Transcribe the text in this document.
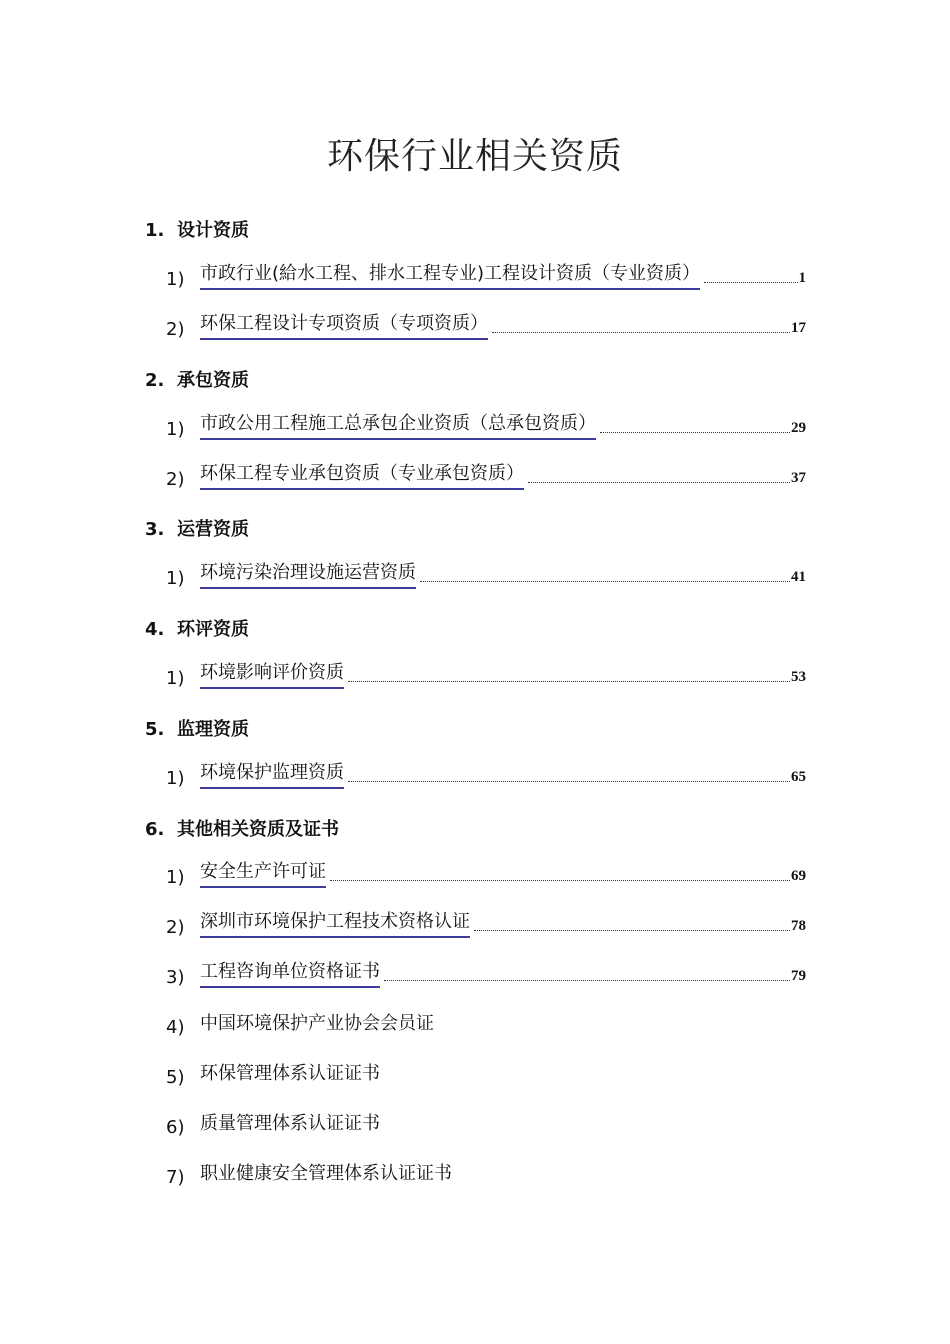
环保行业相关资质
1. 设计资质
1) 市政行业(給水工程、排水工程专业)工程设计资质（专业资质）	1
2) 环保工程设计专项资质（专项资质）	17
2. 承包资质
1) 市政公用工程施工总承包企业资质（总承包资质）	29
2) 环保工程专业承包资质（专业承包资质）	37
3. 运营资质
1) 环境污染治理设施运营资质	41
4. 环评资质
1) 环境影响评价资质	53
5. 监理资质
1) 环境保护监理资质	65
6. 其他相关资质及证书
1) 安全生产许可证	69
2) 深圳市环境保护工程技术资格认证	78
3) 工程咨询单位资格证书	79
4) 中国环境保护产业协会会员证
5) 环保管理体系认证证书
6) 质量管理体系认证证书
7) 职业健康安全管理体系认证证书
